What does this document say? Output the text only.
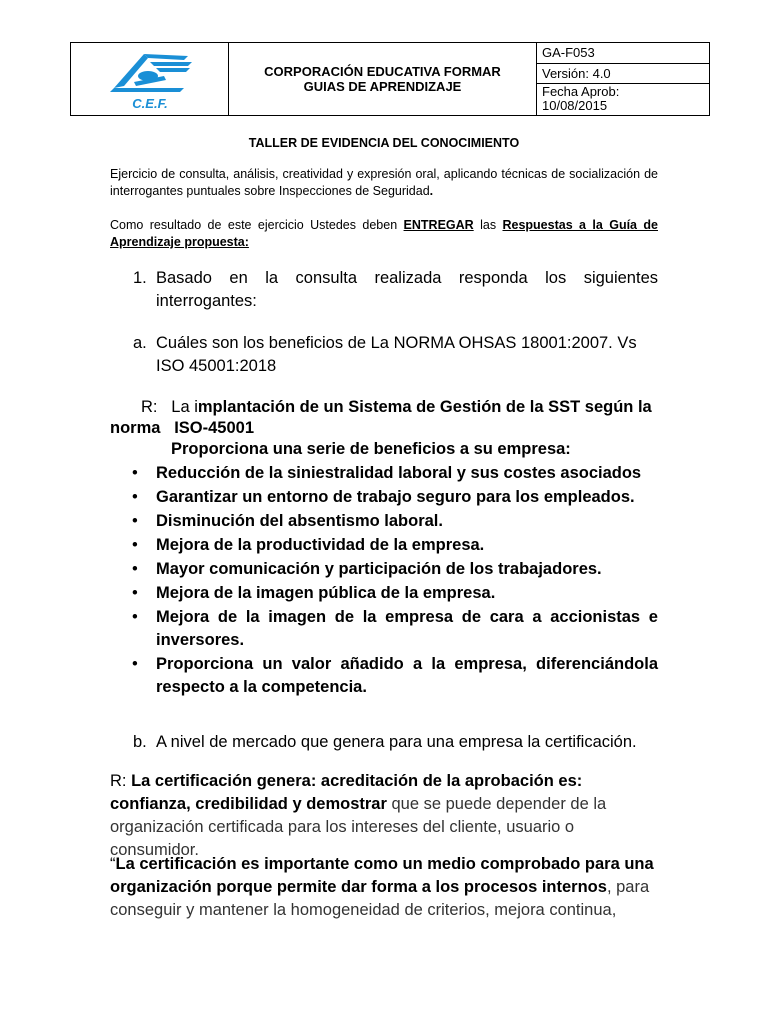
C.E.F.
CORPORACIÓN EDUCATIVA FORMAR
GUIAS DE APRENDIZAJE
GA-F053
Versión: 4.0
Fecha Aprob:
10/08/2015
TALLER DE EVIDENCIA DEL CONOCIMIENTO
Ejercicio de consulta, análisis, creatividad y expresión oral, aplicando técnicas de socialización de interrogantes puntuales sobre Inspecciones de Seguridad.
Como resultado de este ejercicio Ustedes deben ENTREGAR las Respuestas a la Guía de Aprendizaje propuesta:
1. Basado en la consulta realizada responda los siguientes interrogantes:
a. Cuáles son los beneficios de La NORMA OHSAS 18001:2007. Vs ISO 45001:2018
R: La implantación de un Sistema de Gestión de la SST según la
norma ISO-45001
Proporciona una serie de beneficios a su empresa:
• Reducción de la siniestralidad laboral y sus costes asociados
• Garantizar un entorno de trabajo seguro para los empleados.
• Disminución del absentismo laboral.
• Mejora de la productividad de la empresa.
• Mayor comunicación y participación de los trabajadores.
• Mejora de la imagen pública de la empresa.
• Mejora de la imagen de la empresa de cara a accionistas e inversores.
• Proporciona un valor añadido a la empresa, diferenciándola respecto a la competencia.
b. A nivel de mercado que genera para una empresa la certificación.
R: La certificación genera: acreditación de la aprobación es: confianza, credibilidad y demostrar que se puede depender de la organización certificada para los intereses del cliente, usuario o consumidor.
“La certificación es importante como un medio comprobado para una organización porque permite dar forma a los procesos internos, para conseguir y mantener la homogeneidad de criterios, mejora continua,
